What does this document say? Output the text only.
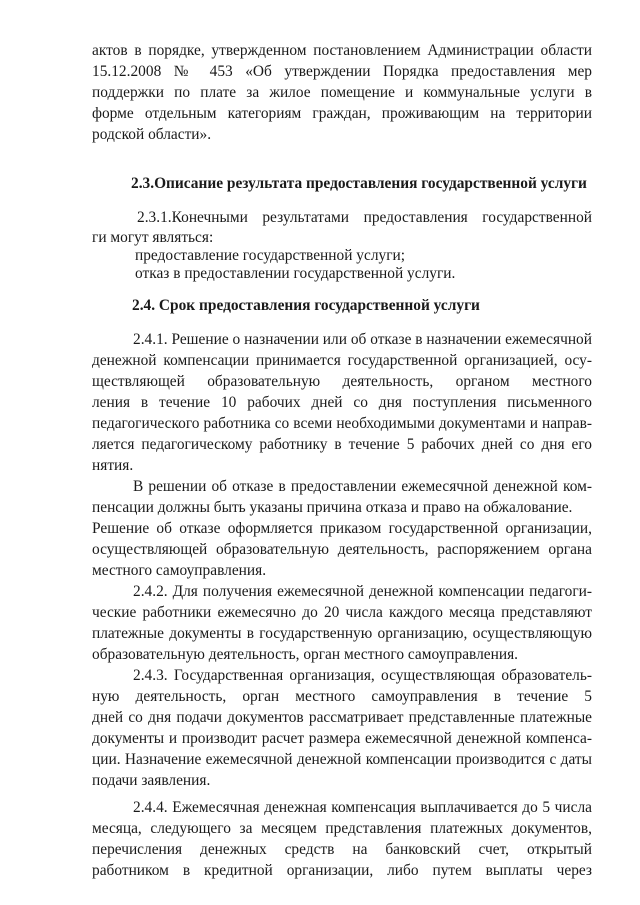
актов в порядке, утвержденном постановлением Администрации области
15.12.2008 № 453 «Об утверждении Порядка предоставления мер
поддержки по плате за жилое помещение и коммунальные услуги в
форме отдельным категориям граждан, проживающим на территории
родской области».
2.3.Описание результата предоставления государственной услуги
2.3.1.Конечными результатами предоставления государственной
ги могут являться:
предоставление государственной услуги;
отказ в предоставлении государственной услуги.
2.4. Срок предоставления государственной услуги
2.4.1. Решение о назначении или об отказе в назначении ежемесячной
денежной компенсации принимается государственной организацией, осу-
ществляющей образовательную деятельность, органом местного
ления в течение 10 рабочих дней со дня поступления письменного
педагогического работника со всеми необходимыми документами и направ-
ляется педагогическому работнику в течение 5 рабочих дней со дня его
нятия.
В решении об отказе в предоставлении ежемесячной денежной ком-
пенсации должны быть указаны причина отказа и право на обжалование.
Решение об отказе оформляется приказом государственной организации,
осуществляющей образовательную деятельность, распоряжением органа
местного самоуправления.
2.4.2. Для получения ежемесячной денежной компенсации педагоги-
ческие работники ежемесячно до 20 числа каждого месяца представляют
платежные документы в государственную организацию, осуществляющую
образовательную деятельность, орган местного самоуправления.
2.4.3. Государственная организация, осуществляющая образователь-
ную деятельность, орган местного самоуправления в течение 5
дней со дня подачи документов рассматривает представленные платежные
документы и производит расчет размера ежемесячной денежной компенса-
ции. Назначение ежемесячной денежной компенсации производится с даты
подачи заявления.
2.4.4. Ежемесячная денежная компенсация выплачивается до 5 числа
месяца, следующего за месяцем представления платежных документов,
перечисления денежных средств на банковский счет, открытый
работником в кредитной организации, либо путем выплаты через
